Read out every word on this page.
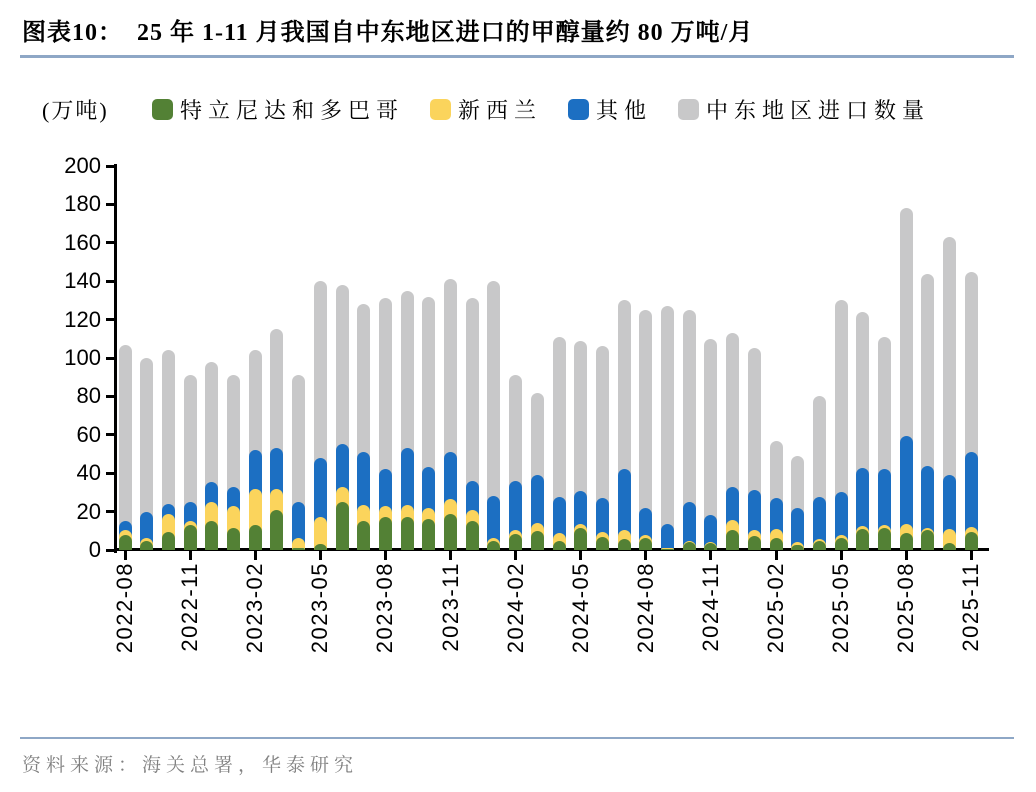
图表10： 25 年 1-11 月我国自中东地区进口的甲醇量约 80 万吨/月
(万吨)	特立尼达和多巴哥 新西兰 其他 中东地区进口数量
0
20
40
60
80
100
120
140
160
180
200
2022-08 2022-11 2023-02 2023-05 2023-08 2023-11 2024-02 2024-05 2024-08 2024-11 2025-02 2025-05 2025-08 2025-11
资料来源：海关总署，华泰研究
